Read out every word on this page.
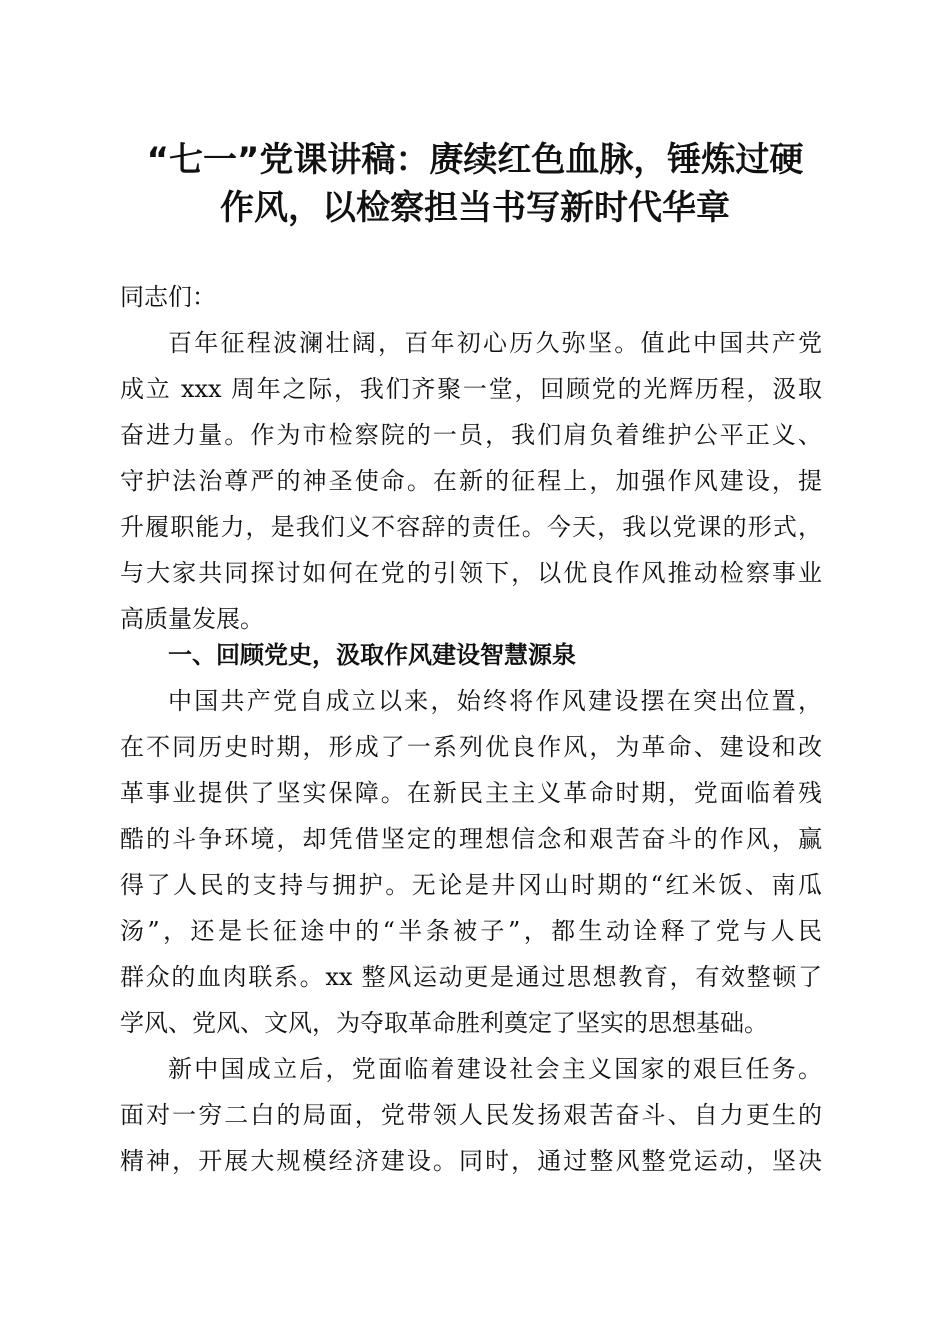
“七一”党课讲稿：赓续红色血脉，锤炼过硬
作风，以检察担当书写新时代华章
同志们：
百年征程波澜壮阔，百年初心历久弥坚。值此中国共产党
成立 xxx 周年之际，我们齐聚一堂，回顾党的光辉历程，汲取
奋进力量。作为市检察院的一员，我们肩负着维护公平正义、
守护法治尊严的神圣使命。在新的征程上，加强作风建设，提
升履职能力，是我们义不容辞的责任。今天，我以党课的形式，
与大家共同探讨如何在党的引领下，以优良作风推动检察事业
高质量发展。
一、回顾党史，汲取作风建设智慧源泉
中国共产党自成立以来，始终将作风建设摆在突出位置，
在不同历史时期，形成了一系列优良作风，为革命、建设和改
革事业提供了坚实保障。在新民主主义革命时期，党面临着残
酷的斗争环境，却凭借坚定的理想信念和艰苦奋斗的作风，赢
得了人民的支持与拥护。无论是井冈山时期的“红米饭、南瓜
汤”，还是长征途中的“半条被子”，都生动诠释了党与人民
群众的血肉联系。xx 整风运动更是通过思想教育，有效整顿了
学风、党风、文风，为夺取革命胜利奠定了坚实的思想基础。
新中国成立后，党面临着建设社会主义国家的艰巨任务。
面对一穷二白的局面，党带领人民发扬艰苦奋斗、自力更生的
精神，开展大规模经济建设。同时，通过整风整党运动，坚决
